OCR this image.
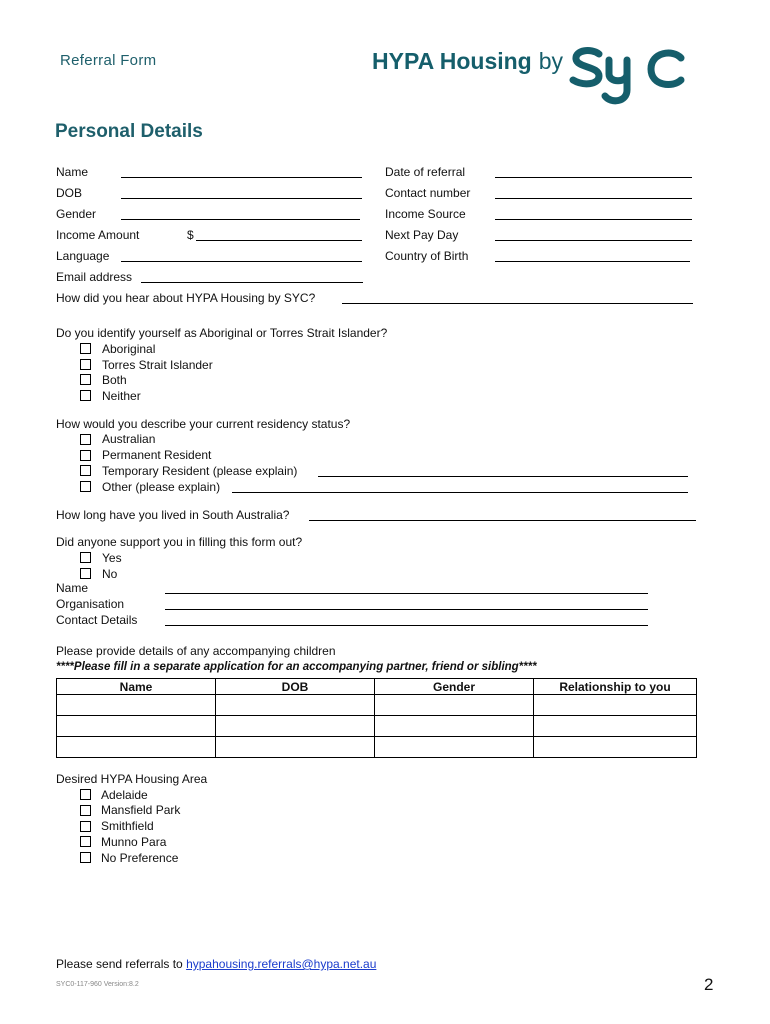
Referral Form	HYPA Housing by
Personal Details
Name
DOB
Gender
Income Amount	$
Language
Date of referral
Contact number
Income Source
Next Pay Day
Country of Birth
Email address
How did you hear about HYPA Housing by SYC?
Do you identify yourself as Aboriginal or Torres Strait Islander?
Aboriginal
Torres Strait Islander
Both
Neither
How would you describe your current residency status?
Australian
Permanent Resident
Temporary Resident (please explain)
Other (please explain)
How long have you lived in South Australia?
Did anyone support you in filling this form out?
Yes
No
Name
Organisation
Contact Details
Please provide details of any accompanying children
****Please fill in a separate application for an accompanying partner, friend or sibling****
Name	DOB	Gender	Relationship to you

Desired HYPA Housing Area
Adelaide
Mansfield Park
Smithfield
Munno Para
No Preference
Please send referrals to hypahousing.referrals@hypa.net.au
SYC0-117-960 Version:8.2	2
